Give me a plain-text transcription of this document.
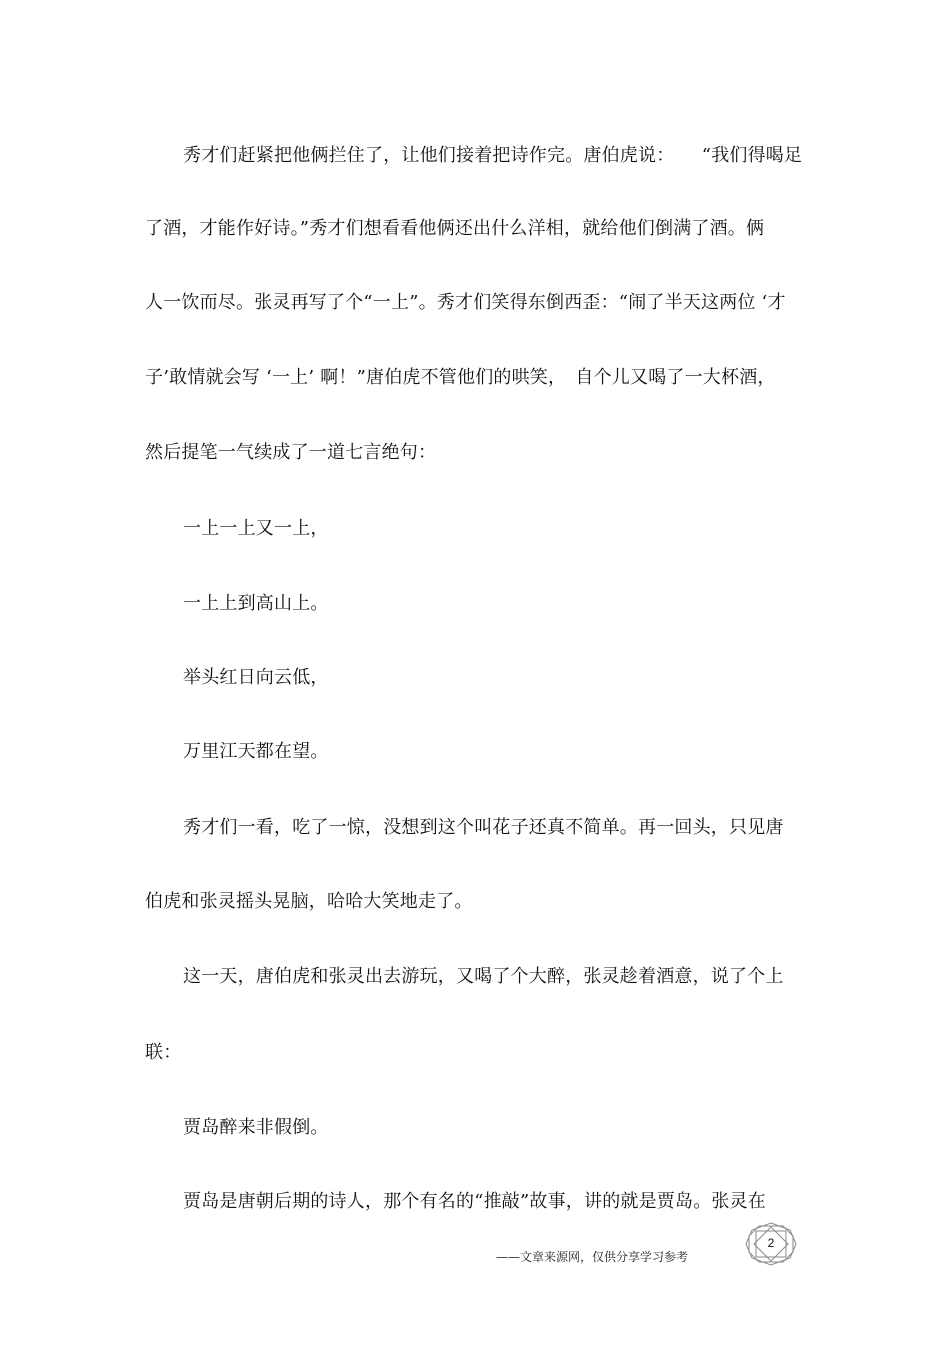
秀才们赶紧把他俩拦住了，让他们接着把诗作完。唐伯虎说：　　“我们得喝足
了酒，才能作好诗。”秀才们想看看他俩还出什么洋相，就给他们倒满了酒。俩
人一饮而尽。张灵再写了个“一上”。秀才们笑得东倒西歪：“闹了半天这两位 ‘才
子’敢情就会写 ‘一上’ 啊！”唐伯虎不管他们的哄笑，　自个儿又喝了一大杯酒，
然后提笔一气续成了一道七言绝句：
一上一上又一上，
一上上到高山上。
举头红日向云低，
万里江天都在望。
秀才们一看，吃了一惊，没想到这个叫花子还真不简单。再一回头，只见唐
伯虎和张灵摇头晃脑，哈哈大笑地走了。
这一天，唐伯虎和张灵出去游玩，又喝了个大醉，张灵趁着酒意，说了个上
联：
贾岛醉来非假倒。
贾岛是唐朝后期的诗人，那个有名的“推敲”故事，讲的就是贾岛。张灵在
——文章来源网，仅供分享学习参考
2
